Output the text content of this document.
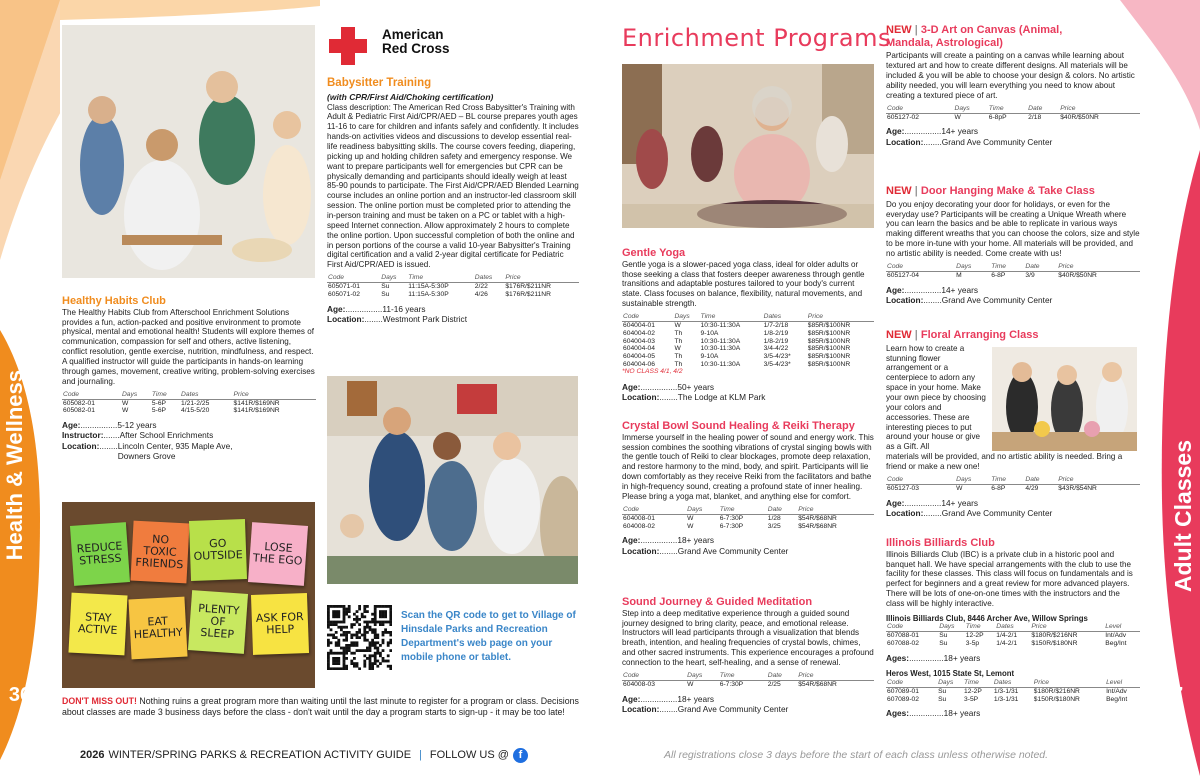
Health & Wellness
36
Healthy Habits Club
The Healthy Habits Club from Afterschool Enrichment Solutions provides a fun, action-packed and positive environment to promote physical, mental and emotional health! Students will explore themes of communication, compassion for self and others, active listening, conflict resolution, gentle exercise, nutrition, mindfulness, and respect. A qualified instructor will guide the participants in hands-on learning through games, movement, creative writing, problem-solving exercises and journaling.
Code	Days	Time	Dates	Price
605082-01	W	5-6P	1/21-2/25	$141R/$169NR
605082-01	W	5-6P	4/15-5/20	$141R/$169NR
Age:................5-12 years
Instructor:.......After School Enrichments
Location:........ Lincoln Center, 935 Maple Ave, Downers Grove
American Red Cross
Babysitter Training
(with CPR/First Aid/Choking certification)
Class description: The American Red Cross Babysitter's Training with Adult & Pediatric First Aid/CPR/AED – BL course prepares youth ages 11-16 to care for children and infants safely and confidently. It includes hands-on activities videos and discussions to develop essential real-life readiness babysitting skills. The course covers feeding, diapering, picking up and holding children safety and emergency response. We want to prepare participants well for emergencies but CPR can be physically demanding and participants should ideally weigh at least 85-90 pounds to participate. The First Aid/CPR/AED Blended Learning course includes an online portion and an instructor-led classroom skill session. The online portion must be completed prior to attending the in-person training and must be taken on a PC or tablet with a high-speed Internet connection. Allow approximately 2 hours to complete the online portion. Upon successful completion of both the online and in person portions of the course a valid 10-year Babysitter's Training digital certification and a valid 2-year digital certificate for Pediatric First Aid/CPR/AED is issued.
Code	Days	Time	Dates	Price
605071-01	Su	11:15A-5:30P	2/22	$176R/$211NR
605071-02	Su	11:15A-5:30P	4/26	$176R/$211NR
Age:................11-16 years
Location:........Westmont Park District
Scan the QR code to get to Village of Hinsdale Parks and Recreation Department's web page on your mobile phone or tablet.
DON'T MISS OUT! Nothing ruins a great program more than waiting until the last minute to register for a program or class. Decisions about classes are made 3 business days before the class - don't wait until the day a program starts to sign-up - it may be too late!
2026 WINTER/SPRING PARKS & RECREATION ACTIVITY GUIDE | FOLLOW US @ f
Adult Classes
37
Enrichment Programs
Gentle Yoga
Gentle yoga is a slower-paced yoga class, ideal for older adults or those seeking a class that fosters deeper awareness through gentle transitions and adaptable postures tailored to your body's current state. Class focuses on balance, flexibility, natural movements, and sustainable strength.
Code	Days	Time	Dates	Price
604004-01	W	10:30-11:30A	1/7-2/18	$85R/$100NR
604004-02	Th	9-10A	1/8-2/19	$85R/$100NR
604004-03	Th	10:30-11:30A	1/8-2/19	$85R/$100NR
604004-04	W	10:30-11:30A	3/4-4/22	$85R/$100NR
604004-05	Th	9-10A	3/5-4/23*	$85R/$100NR
604004-06	Th	10:30-11:30A	3/5-4/23*	$85R/$100NR
*NO CLASS 4/1, 4/2
Age:................50+ years
Location:........The Lodge at KLM Park
Crystal Bowl Sound Healing & Reiki Therapy
Immerse yourself in the healing power of sound and energy work. This session combines the soothing vibrations of crystal singing bowls with the gentle touch of Reiki to clear blockages, promote deep relaxation, and restore harmony to the mind, body, and spirit. Participants will lie down comfortably as they receive Reiki from the facilitators and bathe in high-frequency sound, creating a profound state of inner healing. Please bring a yoga mat, blanket, and anything else for comfort.
Code	Days	Time	Date	Price
604008-01	W	6-7:30P	1/28	$54R/$68NR
604008-02	W	6-7:30P	3/25	$54R/$68NR
Age:................18+ years
Location:........Grand Ave Community Center
Sound Journey & Guided Meditation
Step into a deep meditative experience through a guided sound journey designed to bring clarity, peace, and emotional release. Instructors will lead participants through a visualization that blends breath, intention, and healing frequencies of crystal bowls, chimes, and other sacred instruments. This experience encourages a profound connection to the heart, self-healing, and a sense of renewal.
Code	Days	Time	Date	Price
604008-03	W	6-7:30P	2/25	$54R/$68NR
Age:................18+ years
Location:........Grand Ave Community Center
NEW | 3-D Art on Canvas (Animal, Mandala, Astrological)
Participants will create a painting on a canvas while learning about textured art and how to create different designs. All materials will be included & you will be able to choose your design & colors. No artistic ability needed, you will learn everything you need to know about creating a textured piece of art.
Code	Days	Time	Date	Price
605127-02	W	6-8pP	2/18	$40R/$50NR
Age:................14+ years
Location:........Grand Ave Community Center
NEW | Door Hanging Make & Take Class
Do you enjoy decorating your door for holidays, or even for the everyday use? Participants will be creating a Unique Wreath where you can learn the basics and be able to replicate in various ways making different wreaths that you can choose the colors, size and style to be more in-tune with your home. All materials will be provided, and no artistic ability is needed. Come create with us!
Code	Days	Time	Date	Price
605127-04	M	6-8P	3/9	$40R/$50NR
Age:................14+ years
Location:........Grand Ave Community Center
NEW | Floral Arranging Class
Learn how to create a stunning flower arrangement or a centerpiece to adorn any space in your home. Make your own piece by choosing your colors and accessories. These are interesting pieces to put around your house or give as a Gift. All
materials will be provided, and no artistic ability is needed. Bring a friend or make a new one!
Code	Days	Time	Date	Price
605127-03	W	6-8P	4/29	$43R/$54NR
Age:................14+ years
Location:........Grand Ave Community Center
Illinois Billiards Club
Illinois Billiards Club (IBC) is a private club in a historic pool and banquet hall. We have special arrangements with the club to use the facility for these classes. This class will focus on fundamentals and is perfect for beginners and a great review for more advanced players. There will be lots of one-on-one times with the instructors and the class will be highly interactive.
Illinois Billiards Club, 8446 Archer Ave, Willow Springs
Code	Days	Time	Dates	Price	Level
607088-01	Su	12-2P	1/4-2/1	$180R/$216NR	Int/Adv
607088-02	Su	3-5p	1/4-2/1	$150R/$180NR	Beg/Int
Ages:...............18+ years
Heros West, 1015 State St, Lemont
Code	Days	Time	Dates	Price	Level
607089-01	Su	12-2P	1/3-1/31	$180R/$216NR	Int/Adv
607089-02	Su	3-5P	1/3-1/31	$150R/$180NR	Beg/Int
Ages:...............18+ years
All registrations close 3 days before the start of each class unless otherwise noted.
REDUCE STRESS
NO TOXIC FRIENDS
GO OUTSIDE
LOSE THE EGO
STAY ACTIVE
EAT HEALTHY
PLENTY OF SLEEP
ASK FOR HELP
